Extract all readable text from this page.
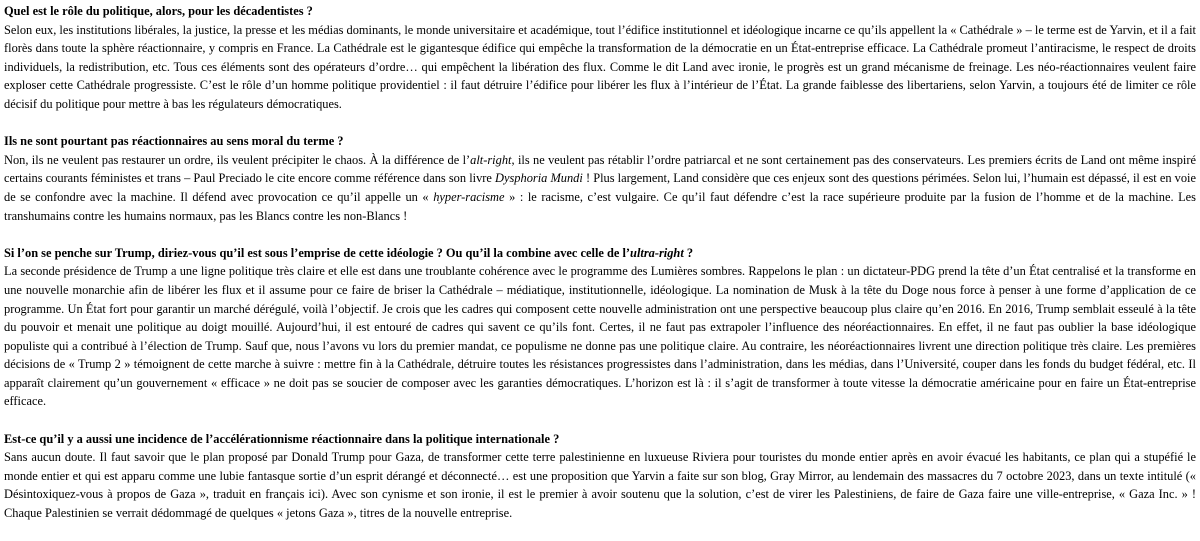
Quel est le rôle du politique, alors, pour les décadentistes ?
Selon eux, les institutions libérales, la justice, la presse et les médias dominants, le monde universitaire et académique, tout l’édifice institutionnel et idéologique incarne ce qu’ils appellent la « Cathédrale » – le terme est de Yarvin, et il a fait florès dans toute la sphère réactionnaire, y compris en France. La Cathédrale est le gigantesque édifice qui empêche la transformation de la démocratie en un État-entreprise efficace. La Cathédrale promeut l’antiracisme, le respect de droits individuels, la redistribution, etc. Tous ces éléments sont des opérateurs d’ordre… qui empêchent la libération des flux. Comme le dit Land avec ironie, le progrès est un grand mécanisme de freinage. Les néo-réactionnaires veulent faire exploser cette Cathédrale progressiste. C’est le rôle d’un homme politique providentiel : il faut détruire l’édifice pour libérer les flux à l’intérieur de l’État. La grande faiblesse des libertariens, selon Yarvin, a toujours été de limiter ce rôle décisif du politique pour mettre à bas les régulateurs démocratiques.
Ils ne sont pourtant pas réactionnaires au sens moral du terme ?
Non, ils ne veulent pas restaurer un ordre, ils veulent précipiter le chaos. À la différence de l’alt-right, ils ne veulent pas rétablir l’ordre patriarcal et ne sont certainement pas des conservateurs. Les premiers écrits de Land ont même inspiré certains courants féministes et trans – Paul Preciado le cite encore comme référence dans son livre Dysphoria Mundi ! Plus largement, Land considère que ces enjeux sont des questions périmées. Selon lui, l’humain est dépassé, il est en voie de se confondre avec la machine. Il défend avec provocation ce qu’il appelle un « hyper-racisme » : le racisme, c’est vulgaire. Ce qu’il faut défendre c’est la race supérieure produite par la fusion de l’homme et de la machine. Les transhumains contre les humains normaux, pas les Blancs contre les non-Blancs !
Si l’on se penche sur Trump, diriez-vous qu’il est sous l’emprise de cette idéologie ? Ou qu’il la combine avec celle de l’ultra-right ?
La seconde présidence de Trump a une ligne politique très claire et elle est dans une troublante cohérence avec le programme des Lumières sombres. Rappelons le plan : un dictateur-PDG prend la tête d’un État centralisé et la transforme en une nouvelle monarchie afin de libérer les flux et il assume pour ce faire de briser la Cathédrale – médiatique, institutionnelle, idéologique. La nomination de Musk à la tête du Doge nous force à penser à une forme d’application de ce programme. Un État fort pour garantir un marché dérégulé, voilà l’objectif. Je crois que les cadres qui composent cette nouvelle administration ont une perspective beaucoup plus claire qu’en 2016. En 2016, Trump semblait esseulé à la tête du pouvoir et menait une politique au doigt mouillé. Aujourd’hui, il est entouré de cadres qui savent ce qu’ils font. Certes, il ne faut pas extrapoler l’influence des néoréactionnaires. En effet, il ne faut pas oublier la base idéologique populiste qui a contribué à l’élection de Trump. Sauf que, nous l’avons vu lors du premier mandat, ce populisme ne donne pas une politique claire. Au contraire, les néoréactionnaires livrent une direction politique très claire. Les premières décisions de « Trump 2 » témoignent de cette marche à suivre : mettre fin à la Cathédrale, détruire toutes les résistances progressistes dans l’administration, dans les médias, dans l’Université, couper dans les fonds du budget fédéral, etc. Il apparaît clairement qu’un gouvernement « efficace » ne doit pas se soucier de composer avec les garanties démocratiques. L’horizon est là : il s’agit de transformer à toute vitesse la démocratie américaine pour en faire un État-entreprise efficace.
Est-ce qu’il y a aussi une incidence de l’accélérationnisme réactionnaire dans la politique internationale ?
Sans aucun doute. Il faut savoir que le plan proposé par Donald Trump pour Gaza, de transformer cette terre palestinienne en luxueuse Riviera pour touristes du monde entier après en avoir évacué les habitants, ce plan qui a stupéfié le monde entier et qui est apparu comme une lubie fantasque sortie d’un esprit dérangé et déconnecté… est une proposition que Yarvin a faite sur son blog, Gray Mirror, au lendemain des massacres du 7 octobre 2023, dans un texte intitulé (« Désintoxiquez-vous à propos de Gaza », traduit en français ici). Avec son cynisme et son ironie, il est le premier à avoir soutenu que la solution, c’est de virer les Palestiniens, de faire de Gaza faire une ville-entreprise, « Gaza Inc. » ! Chaque Palestinien se verrait dédommagé de quelques « jetons Gaza », titres de la nouvelle entreprise.
